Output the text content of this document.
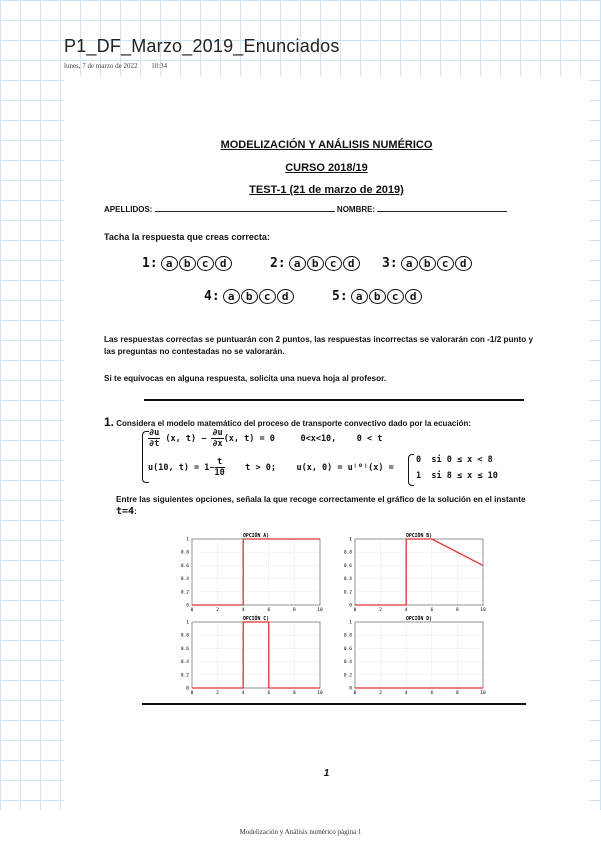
P1_DF_Marzo_2019_Enunciados
lunes, 7 de marzo de 2022 10:34
MODELIZACIÓN Y ANÁLISIS NUMÉRICO
CURSO 2018/19
TEST-1 (21 de marzo de 2019)
APELLIDOS:	NOMBRE:
Tacha la respuesta que creas correcta:
1: a	b	c	d	2: a	b	c	d	3: a	b	c	d
4: a	b	c	d	5: a	b	c	d
Las respuestas correctas se puntuarán con 2 puntos, las respuestas incorrectas se valorarán con -1/2 punto y las preguntas no contestadas no se valorarán.
Si te equivocas en alguna respuesta, solicita una nueva hoja al profesor.
1. Considera el modelo matemático del proceso de transporte convectivo dado por la ecuación:
$\frac{\partial u}{\partial t} (x$, $t) - \frac{\partial u}{\partial x} (x$, t) = 0	0<x<10, 0 < t
u(10, $t) = 1- \frac{t}{10}$ t > 0; u(x, 0) = u⁽⁰⁾(x) =
0  si 0 ≤ x < 8
1  si 8 ≤ x ≤ 10
Entre las siguientes opciones, señala la que recoge correctamente el gráfico de la solución en el instante t=4:
0
0.2
0.4
0.6
0.8
1
0	2	4	6	8	10
OPCIÓN A)
0
0.2
0.4
0.6
0.8
1
0	2	4	6	8	10
OPCIÓN B)
0
0.2
0.4
0.6
0.8
1
0	2	4	6	8	10
OPCIÓN C)
0
0.2
0.4
0.6
0.8
1
0	2	4	6	8	10
OPCIÓN D)
1
Modelización y Análisis numérico página 1
